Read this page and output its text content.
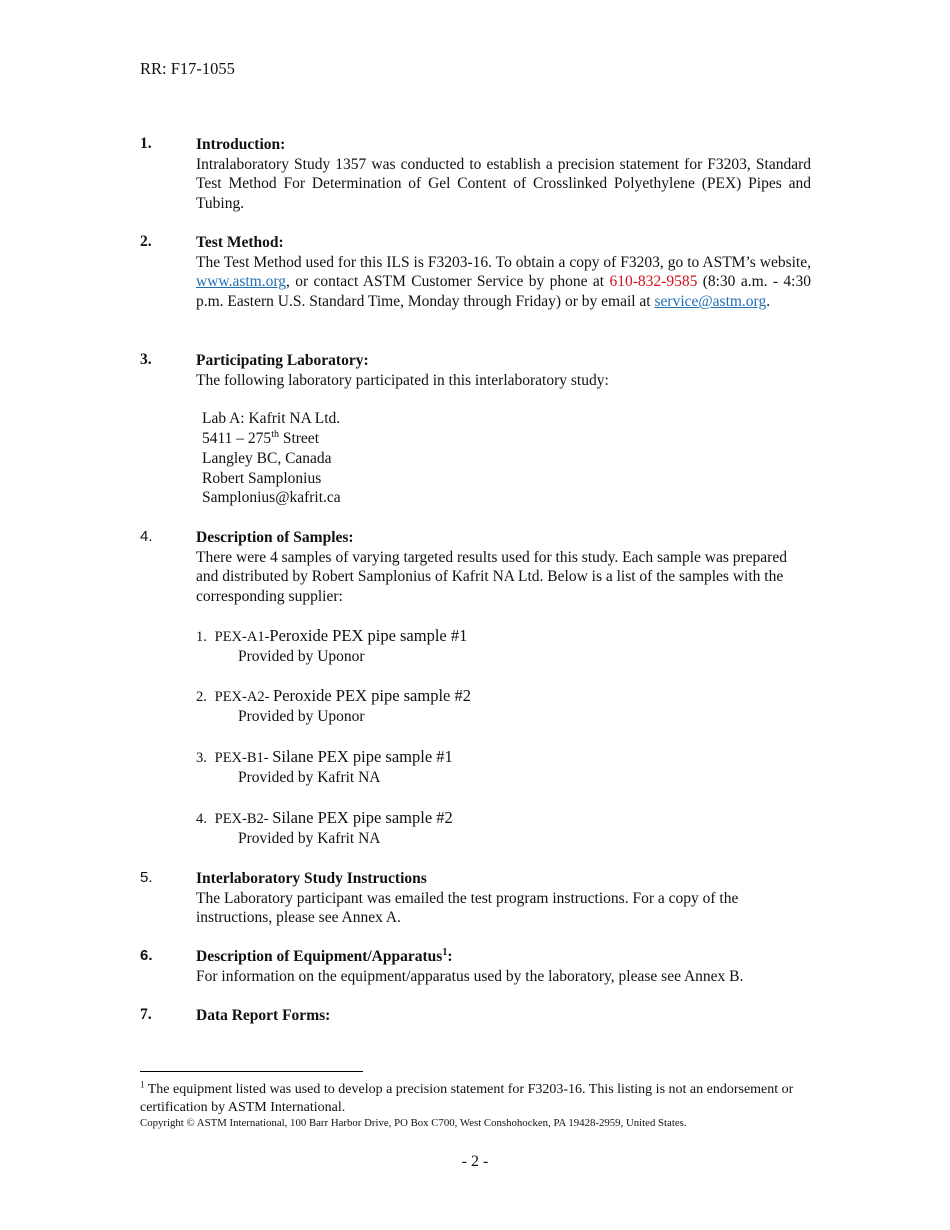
RR: F17-1055
1.	Introduction:
Intralaboratory Study 1357 was conducted to establish a precision statement for F3203, Standard Test Method For Determination of Gel Content of Crosslinked Polyethylene (PEX) Pipes and Tubing.
2.	Test Method:
The Test Method used for this ILS is F3203-16. To obtain a copy of F3203, go to ASTM’s website, www.astm.org, or contact ASTM Customer Service by phone at 610-832-9585 (8:30 a.m. - 4:30 p.m. Eastern U.S. Standard Time, Monday through Friday) or by email at service@astm.org.
3.	Participating Laboratory:
The following laboratory participated in this interlaboratory study:
Lab A: Kafrit NA Ltd.
5411 – 275th Street
Langley BC, Canada
Robert Samplonius
Samplonius@kafrit.ca
4.	Description of Samples:
There were 4 samples of varying targeted results used for this study. Each sample was prepared and distributed by Robert Samplonius of Kafrit NA Ltd. Below is a list of the samples with the corresponding supplier:
1. PEX-A1-Peroxide PEX pipe sample #1
Provided by Uponor
2. PEX-A2- Peroxide PEX pipe sample #2
Provided by Uponor
3. PEX-B1- Silane PEX pipe sample #1
Provided by Kafrit NA
4. PEX-B2- Silane PEX pipe sample #2
Provided by Kafrit NA
5.	Interlaboratory Study Instructions
The Laboratory participant was emailed the test program instructions. For a copy of the instructions, please see Annex A.
6.	Description of Equipment/Apparatus$^1$:
For information on the equipment/apparatus used by the laboratory, please see Annex B.
7.	Data Report Forms:
$^1$ The equipment listed was used to develop a precision statement for F3203-16. This listing is not an endorsement or certification by ASTM International.
Copyright © ASTM International, 100 Barr Harbor Drive, PO Box C700, West Conshohocken, PA 19428-2959, United States.
- 2 -
